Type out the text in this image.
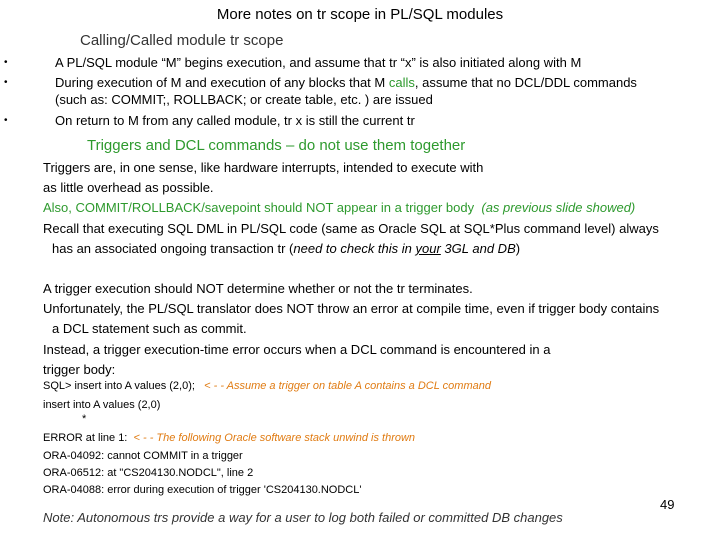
More notes on tr scope in PL/SQL modules
Calling/Called module tr scope
•	A PL/SQL module “M” begins execution, and assume that tr “x” is also initiated along with M
•	During execution of M and execution of any blocks that M calls, assume that no DCL/DDL commands
(such as: COMMIT;, ROLLBACK; or create table, etc. ) are issued
•	On return to M from any called module, tr x is still the current tr
Triggers and DCL commands – do not use them together
Triggers are, in one sense, like hardware interrupts, intended to execute with
as little overhead as possible.
Also, COMMIT/ROLLBACK/savepoint should NOT appear in a trigger body (as previous slide showed)
Recall that executing SQL DML in PL/SQL code (same as Oracle SQL at SQL*Plus command level) always
has an associated ongoing transaction tr (need to check this in your 3GL and DB)
A trigger execution should NOT determine whether or not the tr terminates.
Unfortunately, the PL/SQL translator does NOT throw an error at compile time, even if trigger body contains
a DCL statement such as commit.
Instead, a trigger execution-time error occurs when a DCL command is encountered in a
trigger body:
SQL> insert into A values (2,0); < - - Assume a trigger on table A contains a DCL command
insert into A values (2,0)
*
ERROR at line 1: < - - The following Oracle software stack unwind is thrown
ORA-04092: cannot COMMIT in a trigger
ORA-06512: at "CS204130.NODCL", line 2
ORA-04088: error during execution of trigger 'CS204130.NODCL'
Note: Autonomous trs provide a way for a user to log both failed or committed DB changes
49
